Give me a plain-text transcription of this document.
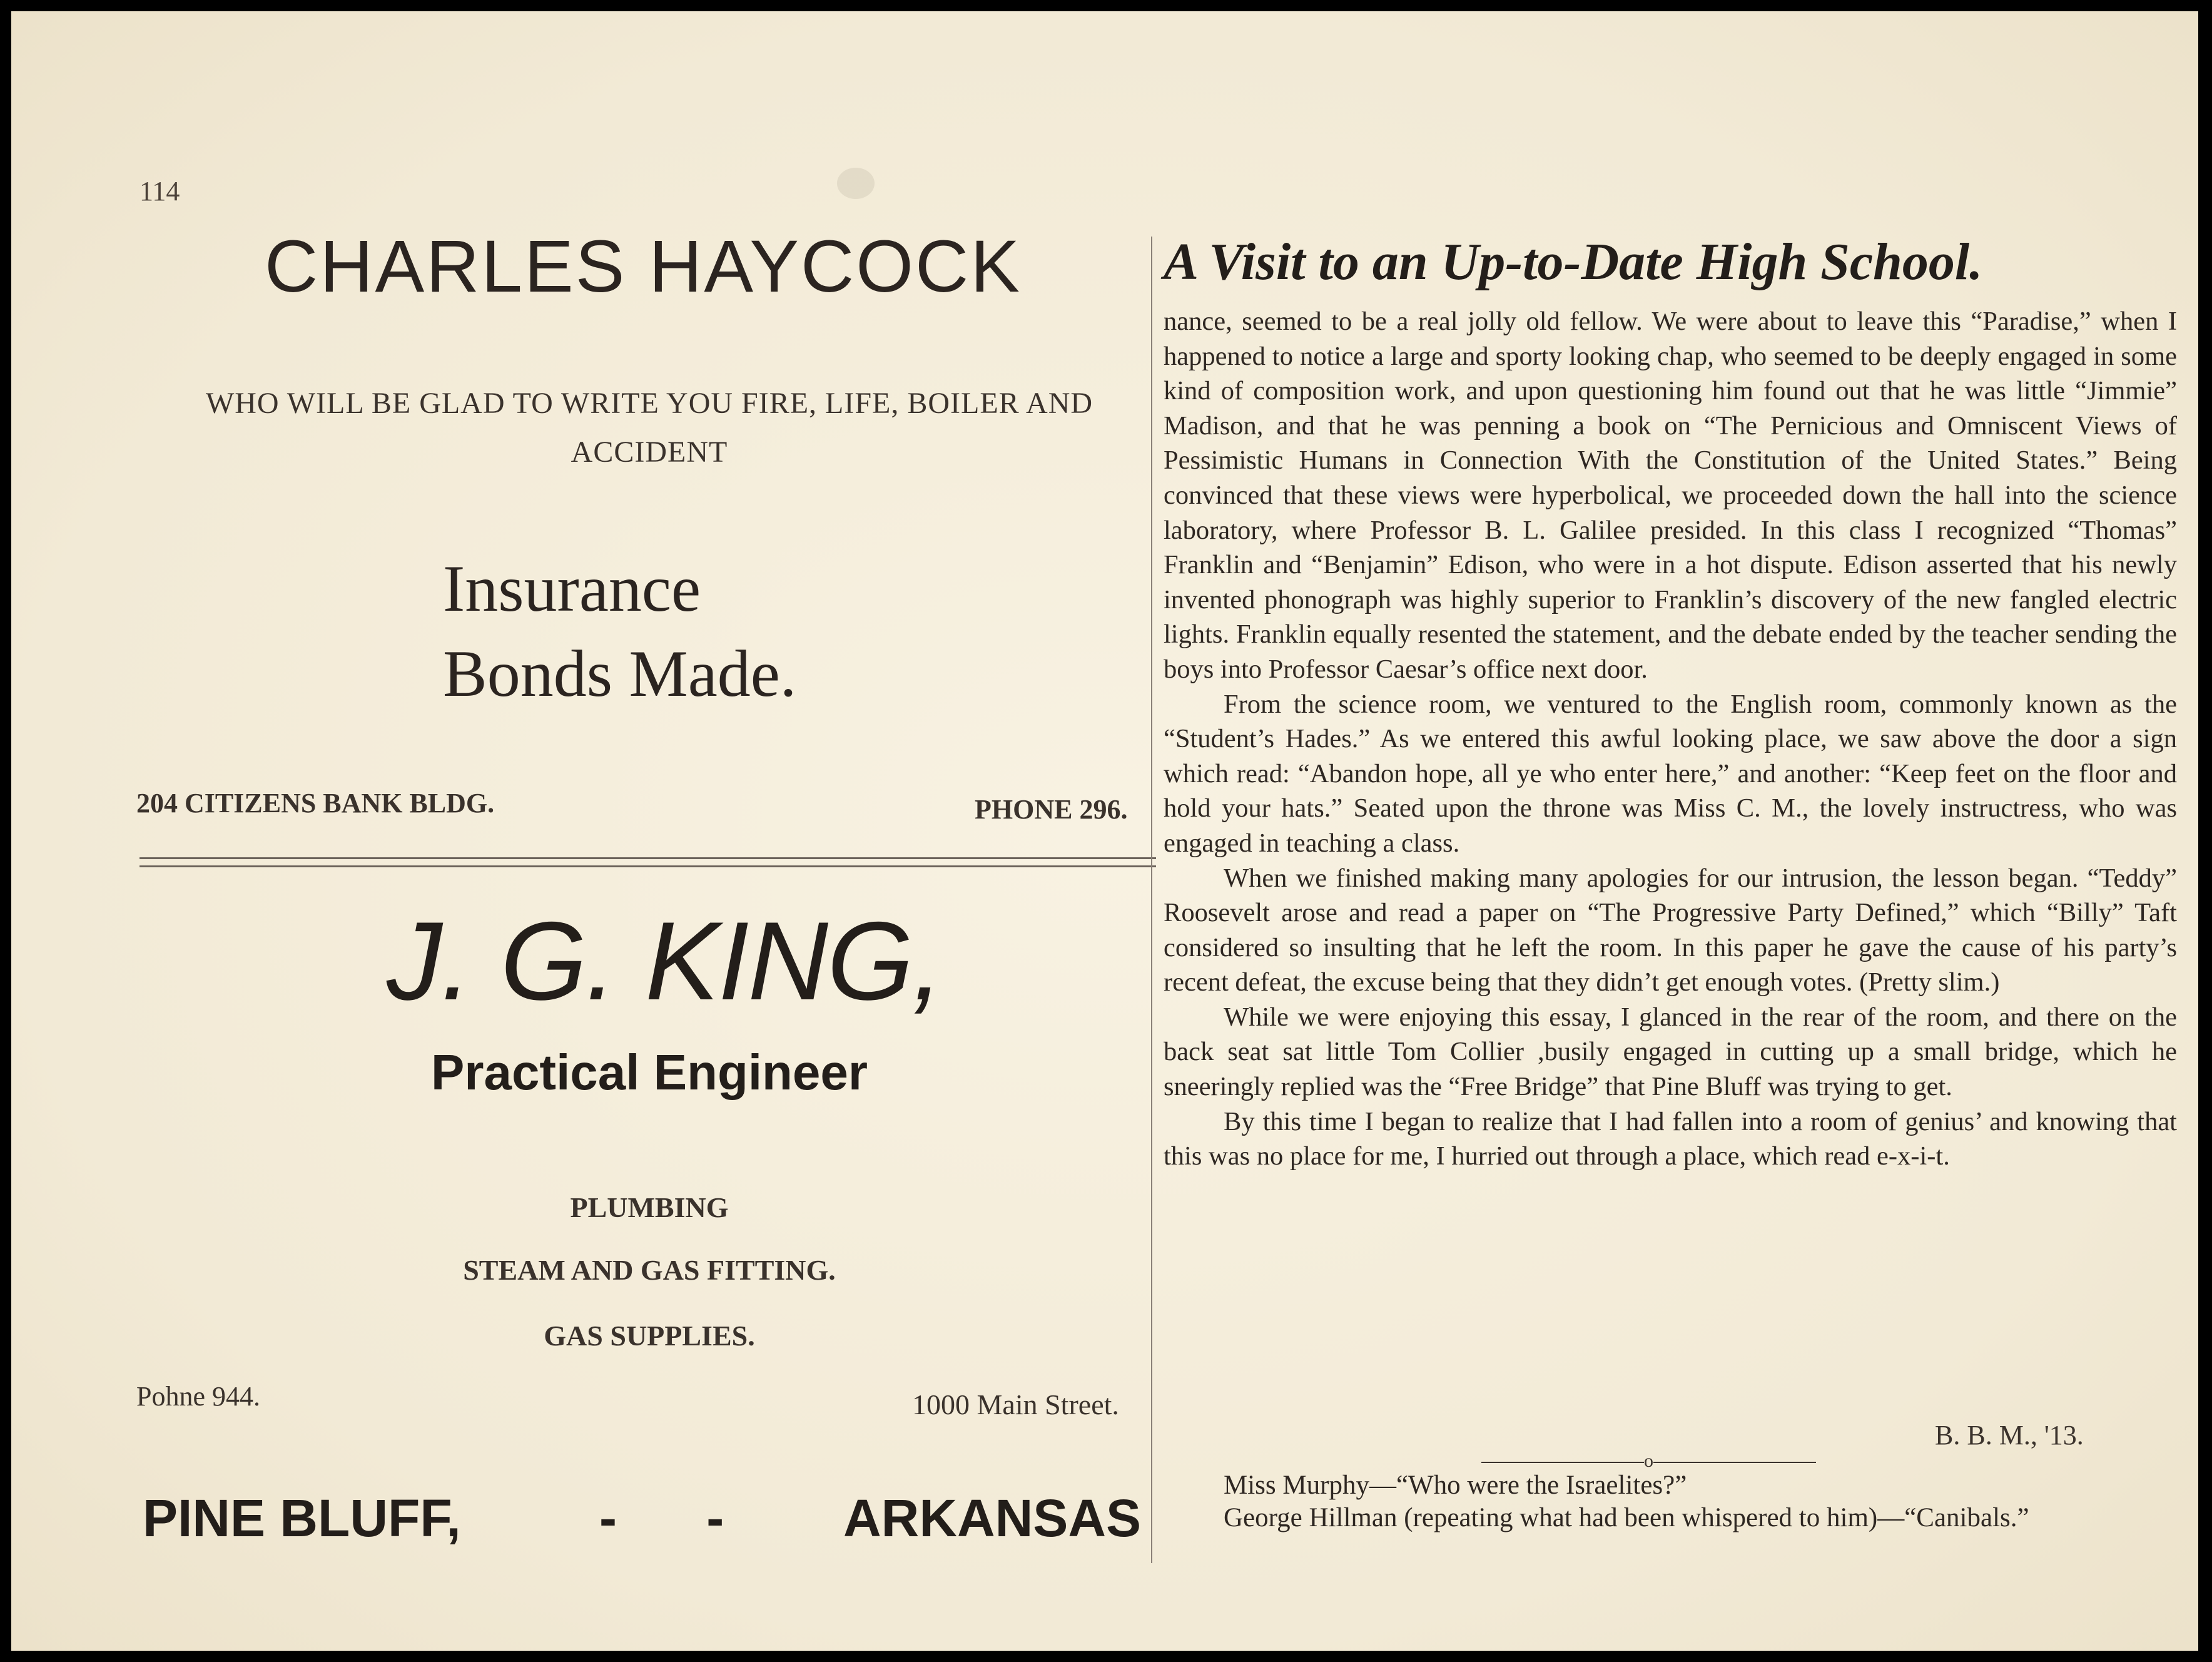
114
CHARLES HAYCOCK
WHO WILL BE GLAD TO WRITE YOU FIRE, LIFE, BOILER AND
ACCIDENT
Insurance
Bonds Made.
204 CITIZENS BANK BLDG.	PHONE 296.
J. G. KING,
Practical Engineer
PLUMBING
STEAM AND GAS FITTING.
GAS SUPPLIES.
Pohne 944.	1000 Main Street.
PINE BLUFF,	- - ARKANSAS
A Visit to an Up-to-Date High School.

nance, seemed to be a real jolly old fellow. We were about to leave this “Paradise,” when I happened to notice a large and sporty looking chap, who seemed to be deeply engaged in some kind of composition work, and upon questioning him found out that he was little “Jimmie” Madison, and that he was penning a book on “The Pernicious and Omniscent Views of Pessimistic Humans in Connection With the Constitution of the United States.” Being convinced that these views were hyperbolical, we proceeded down the hall into the science laboratory, where Professor B. L. Galilee presided. In this class I recognized “Thomas” Franklin and “Benjamin” Edison, who were in a hot dispute. Edison asserted that his newly invented phonograph was highly superior to Franklin’s discovery of the new fangled electric lights. Franklin equally resented the statement, and the debate ended by the teacher sending the boys into Professor Caesar’s office next door.

From the science room, we ventured to the English room, commonly known as the “Student’s Hades.” As we entered this awful looking place, we saw above the door a sign which read: “Abandon hope, all ye who enter here,” and another: “Keep feet on the floor and hold your hats.” Seated upon the throne was Miss C. M., the lovely instructress, who was engaged in teaching a class.

When we finished making many apologies for our intrusion, the lesson began. “Teddy” Roosevelt arose and read a paper on “The Progressive Party Defined,” which “Billy” Taft considered so insulting that he left the room. In this paper he gave the cause of his party’s recent defeat, the excuse being that they didn’t get enough votes. (Pretty slim.)

While we were enjoying this essay, I glanced in the rear of the room, and there on the back seat sat little Tom Collier ,busily engaged in cutting up a small bridge, which he sneeringly replied was the “Free Bridge” that Pine Bluff was trying to get.

By this time I began to realize that I had fallen into a room of genius’ and knowing that this was no place for me, I hurried out through a place, which read e-x-i-t.

B. B. M., '13.
o

Miss Murphy—“Who were the Israelites?”

George Hillman (repeating what had been whispered to him)—“Canibals.”
